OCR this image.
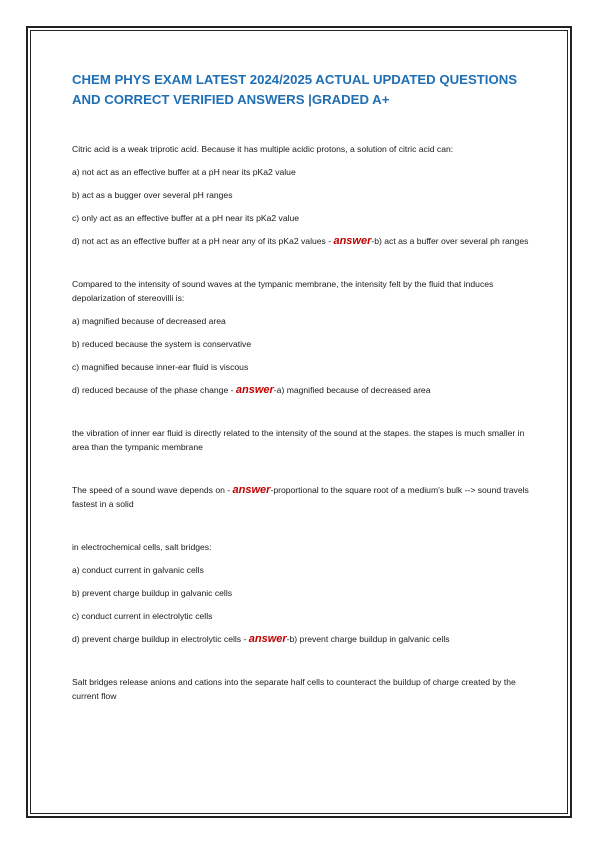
CHEM PHYS EXAM LATEST 2024/2025 ACTUAL UPDATED QUESTIONS AND CORRECT VERIFIED ANSWERS |GRADED A+

Citric acid is a weak triprotic acid. Because it has multiple acidic protons, a solution of citric acid can:

a) not act as an effective buffer at a pH near its pKa2 value

b) act as a bugger over several pH ranges

c) only act as an effective buffer at a pH near its pKa2 value

d) not act as an effective buffer at a pH near any of its pKa2 values - answer-b) act as a buffer over several ph ranges

Compared to the intensity of sound waves at the tympanic membrane, the intensity felt by the fluid that induces depolarization of stereovilli is:

a) magnified because of decreased area

b) reduced because the system is conservative

c) magnified because inner-ear fluid is viscous

d) reduced because of the phase change - answer-a) magnified because of decreased area

the vibration of inner ear fluid is directly related to the intensity of the sound at the stapes. the stapes is much smaller in area than the tympanic membrane

The speed of a sound wave depends on - answer-proportional to the square root of a medium's bulk --> sound travels fastest in a solid

in electrochemical cells, salt bridges:

a) conduct current in galvanic cells

b) prevent charge buildup in galvanic cells

c) conduct current in electrolytic cells

d) prevent charge buildup in electrolytic cells - answer-b) prevent charge buildup in galvanic cells

Salt bridges release anions and cations into the separate half cells to counteract the buildup of charge created by the current flow
